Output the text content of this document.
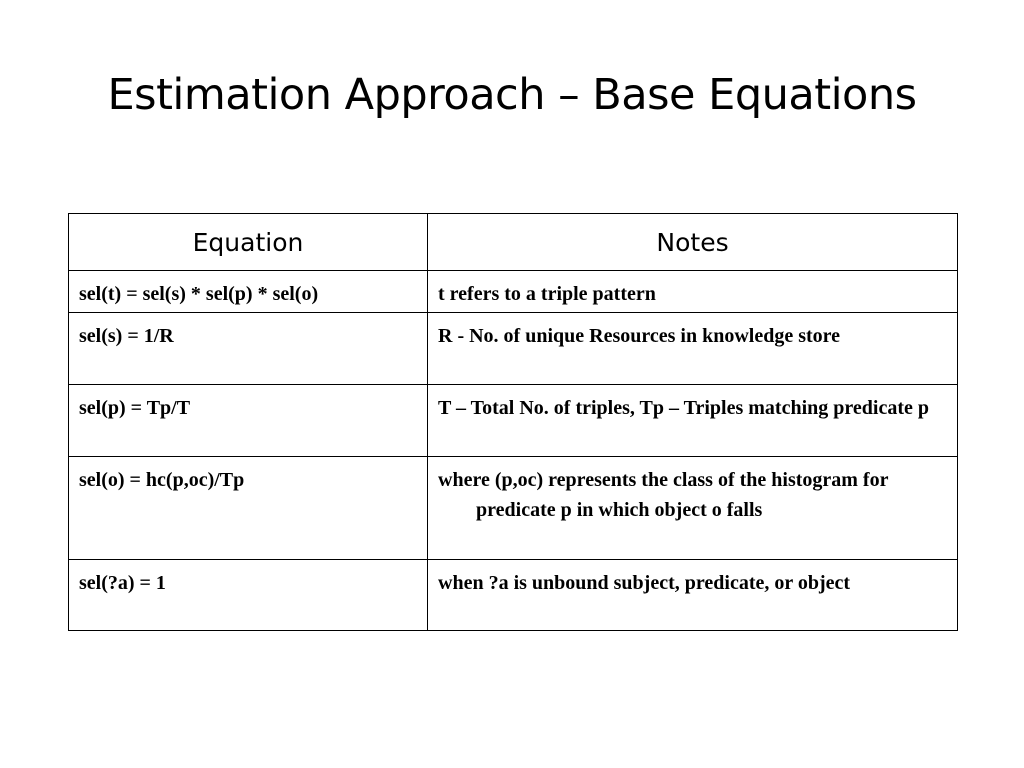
Estimation Approach – Base Equations
Equation	Notes
sel(t) = sel(s) * sel(p) * sel(o)	t refers to a triple pattern
sel(s) = 1/R	R - No. of unique Resources in knowledge store
sel(p) = Tp/T	T – Total No. of triples, Tp – Triples matching predicate p
sel(o) = hc(p,oc)/Tp	where (p,oc) represents the class of the histogram for predicate p in which object o falls
sel(?a) = 1	when ?a is unbound subject, predicate, or object
